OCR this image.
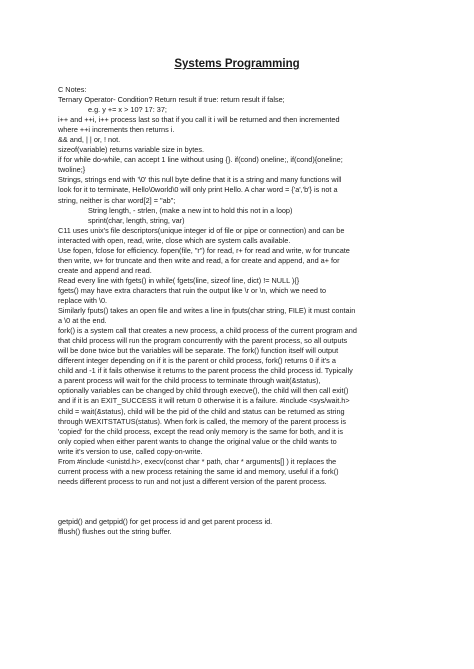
Systems Programming
C Notes:
Ternary Operator- Condition? Return result if true: return result if false;
e.g. y += x > 10? 17: 37;
i++ and ++i, i++ process last so that if you call it i will be returned and then incremented
where ++i increments then returns i.
&& and, | | or, ! not.
sizeof(variable) returns variable size in bytes.
if for while do-while, can accept 1 line without using {}. if(cond) oneline;, if(cond){oneline;
twoline;}
Strings, strings end with '\0' this null byte define that it is a string and many functions will
look for it to terminate, Hello\0world\0 will only print Hello. A char word = {'a','b'} is not a
string, neither is char word[2] = "ab";
String length, - strlen, (make a new int to hold this not in a loop)
sprint(char, length, string, var)
C11 uses unix's file descriptors(unique integer id of file or pipe or connection) and can be
interacted with open, read, write, close which are system calls available.
Use fopen, fclose for efficiency. fopen(file, "r") for read, r+ for read and write, w for truncate
then write, w+ for truncate and then write and read, a for create and append, and a+ for
create and append and read.
Read every line with fgets() in while( fgets(line, sizeof line, dict) != NULL ){}
fgets() may have extra characters that ruin the output like \r or \n, which we need to
replace with \0.
Similarly fputs() takes an open file and writes a line in fputs(char string, FILE) it must contain
a \0 at the end.
fork() is a system call that creates a new process, a child process of the current program and
that child process will run the program concurrently with the parent process, so all outputs
will be done twice but the variables will be separate. The fork() function itself will output
different integer depending on if it is the parent or child process, fork() returns 0 if it's a
child and -1 if it fails otherwise it returns to the parent process the child process id. Typically
a parent process will wait for the child process to terminate through wait(&status),
optionally variables can be changed by child through execve(), the child will then call exit()
and if it is an EXIT_SUCCESS it will return 0 otherwise it is a failure. #include <sys/wait.h>
child = wait(&status), child will be the pid of the child and status can be returned as string
through WEXITSTATUS(status). When fork is called, the memory of the parent process is
'copied' for the child process, except the read only memory is the same for both, and it is
only copied when either parent wants to change the original value or the child wants to
write it's version to use, called copy-on-write.
From #include <unistd.h>, execv(const char * path, char * arguments[] ) it replaces the
current process with a new process retaining the same id and memory, useful if a fork()
needs different process to run and not just a different version of the parent process.
getpid() and getppid() for get process id and get parent process id.
fflush() flushes out the string buffer.
